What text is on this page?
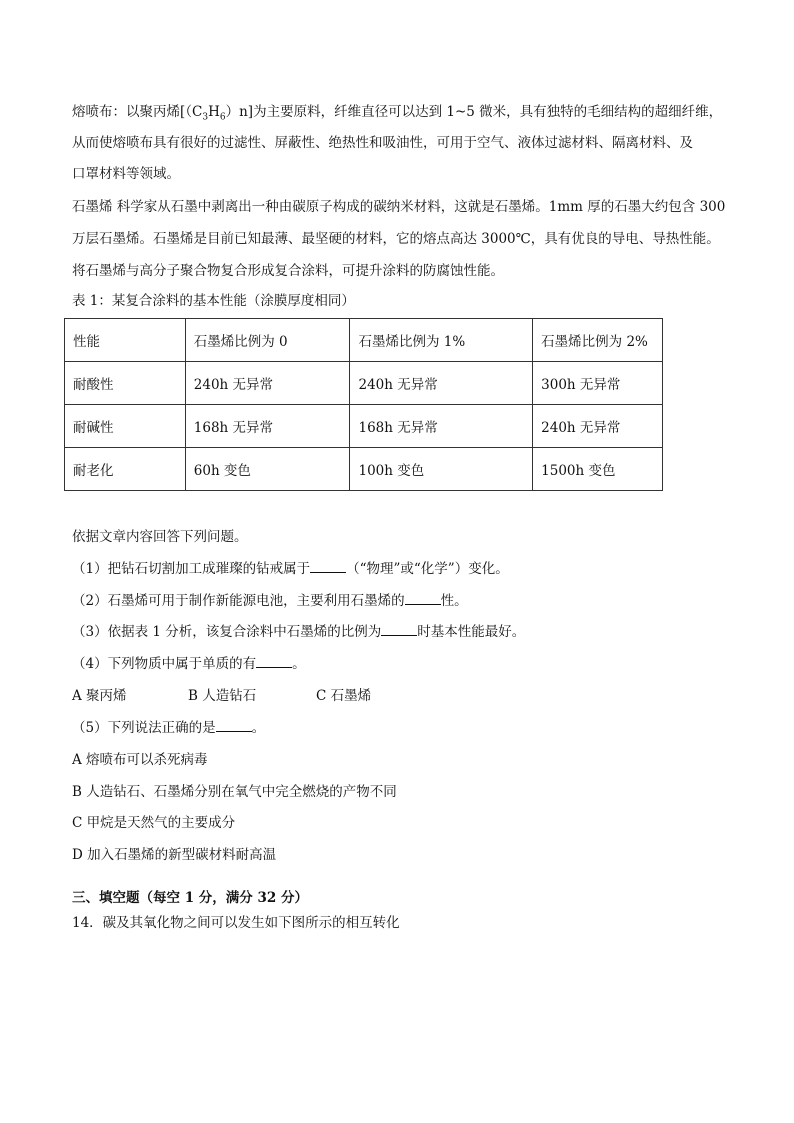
熔喷布：以聚丙烯$[(C_3H_6)n]$为主要原料，纤维直径可以达到 1~5 微米，具有独特的毛细结构的超细纤维，
从而使熔喷布具有很好的过滤性、屏蔽性、绝热性和吸油性，可用于空气、液体过滤材料、隔离材料、及
口罩材料等领域。
石墨烯 科学家从石墨中剥离出一种由碳原子构成的碳纳米材料，这就是石墨烯。1mm 厚的石墨大约包含 300
万层石墨烯。石墨烯是目前已知最薄、最坚硬的材料，它的熔点高达 3000℃，具有优良的导电、导热性能。
将石墨烯与高分子聚合物复合形成复合涂料，可提升涂料的防腐蚀性能。
表 1：某复合涂料的基本性能（涂膜厚度相同）
性能	石墨烯比例为 0	石墨烯比例为 1%	石墨烯比例为 2%
耐酸性	240h 无异常	240h 无异常	300h 无异常
耐碱性	168h 无异常	168h 无异常	240h 无异常
耐老化	60h 变色	100h 变色	1500h 变色
依据文章内容回答下列问题。
（1）把钻石切割加工成璀璨的钻戒属于	（“物理”或“化学”）变化。
（2）石墨烯可用于制作新能源电池，主要利用石墨烯的	性。
（3）依据表 1 分析，该复合涂料中石墨烯的比例为	时基本性能最好。
（4）下列物质中属于单质的有	。
A 聚丙烯	B 人造钻石	C 石墨烯
（5）下列说法正确的是	。
A 熔喷布可以杀死病毒
B 人造钻石、石墨烯分别在氧气中完全燃烧的产物不同
C 甲烷是天然气的主要成分
D 加入石墨烯的新型碳材料耐高温
三、填空题（每空 1 分，满分 32 分）
14．碳及其氧化物之间可以发生如下图所示的相互转化
